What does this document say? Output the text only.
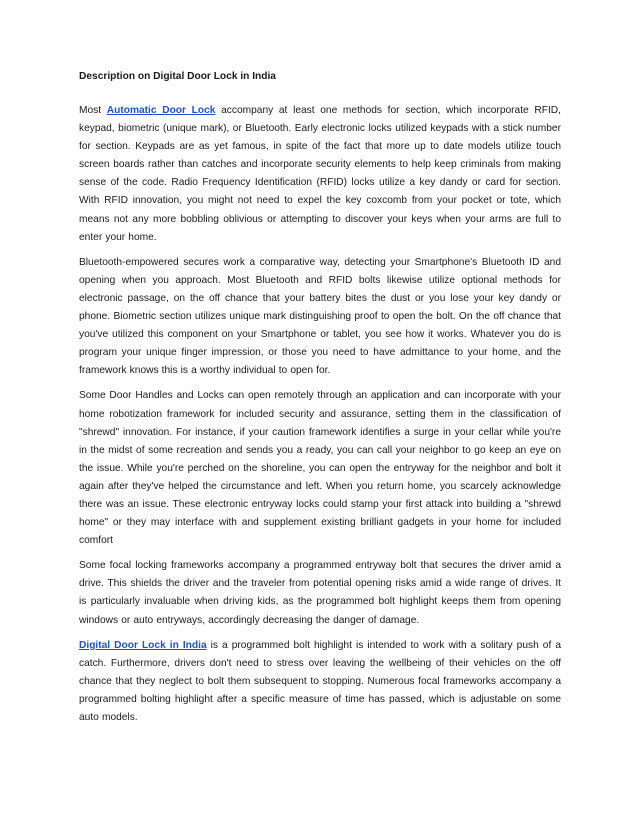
Description on Digital Door Lock in India

Most Automatic Door Lock accompany at least one methods for section, which incorporate RFID, keypad, biometric (unique mark), or Bluetooth. Early electronic locks utilized keypads with a stick number for section. Keypads are as yet famous, in spite of the fact that more up to date models utilize touch screen boards rather than catches and incorporate security elements to help keep criminals from making sense of the code. Radio Frequency Identification (RFID) locks utilize a key dandy or card for section. With RFID innovation, you might not need to expel the key coxcomb from your pocket or tote, which means not any more bobbling oblivious or attempting to discover your keys when your arms are full to enter your home.

Bluetooth-empowered secures work a comparative way, detecting your Smartphone's Bluetooth ID and opening when you approach. Most Bluetooth and RFID bolts likewise utilize optional methods for electronic passage, on the off chance that your battery bites the dust or you lose your key dandy or phone. Biometric section utilizes unique mark distinguishing proof to open the bolt. On the off chance that you've utilized this component on your Smartphone or tablet, you see how it works. Whatever you do is program your unique finger impression, or those you need to have admittance to your home, and the framework knows this is a worthy individual to open for.

Some Door Handles and Locks can open remotely through an application and can incorporate with your home robotization framework for included security and assurance, setting them in the classification of "shrewd" innovation. For instance, if your caution framework identifies a surge in your cellar while you're in the midst of some recreation and sends you a ready, you can call your neighbor to go keep an eye on the issue. While you're perched on the shoreline, you can open the entryway for the neighbor and bolt it again after they've helped the circumstance and left. When you return home, you scarcely acknowledge there was an issue. These electronic entryway locks could stamp your first attack into building a "shrewd home" or they may interface with and supplement existing brilliant gadgets in your home for included comfort

Some focal locking frameworks accompany a programmed entryway bolt that secures the driver amid a drive. This shields the driver and the traveler from potential opening risks amid a wide range of drives. It is particularly invaluable when driving kids, as the programmed bolt highlight keeps them from opening windows or auto entryways, accordingly decreasing the danger of damage.

Digital Door Lock in India is a programmed bolt highlight is intended to work with a solitary push of a catch. Furthermore, drivers don't need to stress over leaving the wellbeing of their vehicles on the off chance that they neglect to bolt them subsequent to stopping. Numerous focal frameworks accompany a programmed bolting highlight after a specific measure of time has passed, which is adjustable on some auto models.
